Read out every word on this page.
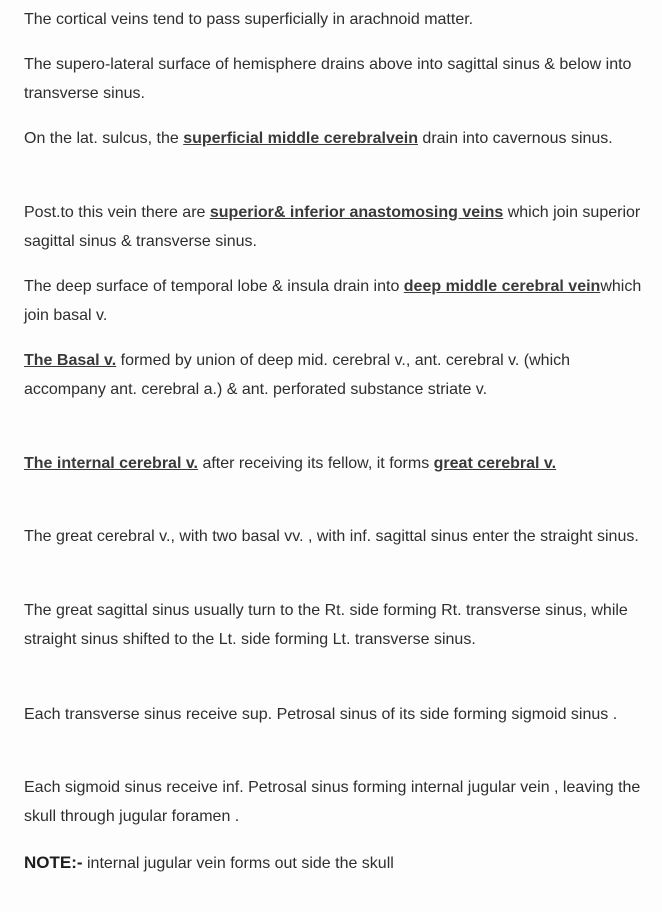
The cortical veins tend to pass superficially in arachnoid matter.

The supero-lateral surface of hemisphere drains above into sagittal sinus & below into transverse sinus.

On the lat. sulcus, the superficial middle cerebralvein drain into cavernous sinus.

Post.to this vein there are superior& inferior anastomosing veins which join superior sagittal sinus & transverse sinus.

The deep surface of temporal lobe & insula drain into deep middle cerebral veinwhich join basal v.

The Basal v. formed by union of deep mid. cerebral v., ant. cerebral v. (which accompany ant. cerebral a.) & ant. perforated substance striate v.

The internal cerebral v. after receiving its fellow, it forms great cerebral v.

The great cerebral v., with two basal vv. , with inf. sagittal sinus enter the straight sinus.

The great sagittal sinus usually turn to the Rt. side forming Rt. transverse sinus, while straight sinus shifted to the Lt. side forming Lt. transverse sinus.

Each transverse sinus receive sup. Petrosal sinus of its side forming sigmoid sinus .

Each sigmoid sinus receive inf. Petrosal sinus forming internal jugular vein , leaving the skull through jugular foramen .

NOTE:- internal jugular vein forms out side the skull
